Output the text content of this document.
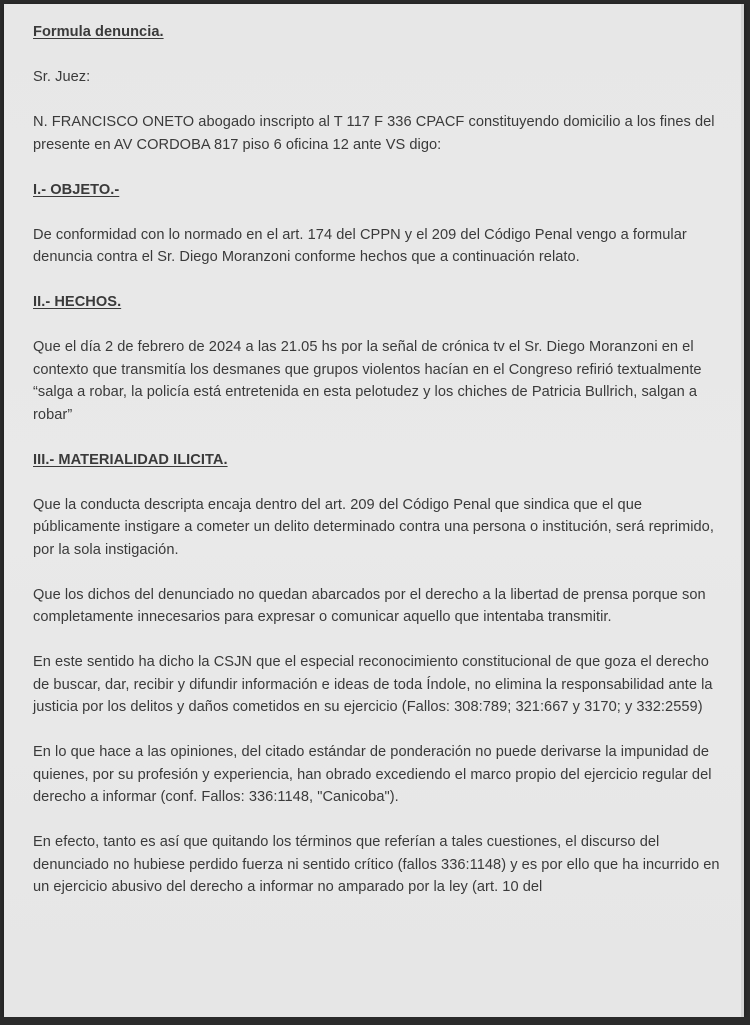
Formula denuncia.

Sr. Juez:

N. FRANCISCO ONETO abogado inscripto al T 117 F 336 CPACF constituyendo domicilio a los fines del presente en AV CORDOBA 817 piso 6 oficina 12 ante VS digo:

I.- OBJETO.-

De conformidad con lo normado en el art. 174 del CPPN y el 209 del Código Penal vengo a formular denuncia contra el Sr. Diego Moranzoni conforme hechos que a continuación relato.

II.- HECHOS.

Que el día 2 de febrero de 2024 a las 21.05 hs por la señal de crónica tv el Sr. Diego Moranzoni en el contexto que transmitía los desmanes que grupos violentos hacían en el Congreso refirió textualmente “salga a robar, la policía está entretenida en esta pelotudez y los chiches de Patricia Bullrich, salgan a robar”

III.- MATERIALIDAD ILICITA.

Que la conducta descripta encaja dentro del art. 209 del Código Penal que sindica que el que públicamente instigare a cometer un delito determinado contra una persona o institución, será reprimido, por la sola instigación.

Que los dichos del denunciado no quedan abarcados por el derecho a la libertad de prensa porque son completamente innecesarios para expresar o comunicar aquello que intentaba transmitir.

En este sentido ha dicho la CSJN que el especial reconocimiento constitucional de que goza el derecho de buscar, dar, recibir y difundir información e ideas de toda Índole, no elimina la responsabilidad ante la justicia por los delitos y daños cometidos en su ejercicio (Fallos: 308:789; 321:667 y 3170; y 332:2559)

En lo que hace a las opiniones, del citado estándar de ponderación no puede derivarse la impunidad de quienes, por su profesión y experiencia, han obrado excediendo el marco propio del ejercicio regular del derecho a informar (conf. Fallos: 336:1148, "Canicoba").

En efecto, tanto es así que quitando los términos que referían a tales cuestiones, el discurso del denunciado no hubiese perdido fuerza ni sentido crítico (fallos 336:1148) y es por ello que ha incurrido en un ejercicio abusivo del derecho a informar no amparado por la ley (art. 10 del
